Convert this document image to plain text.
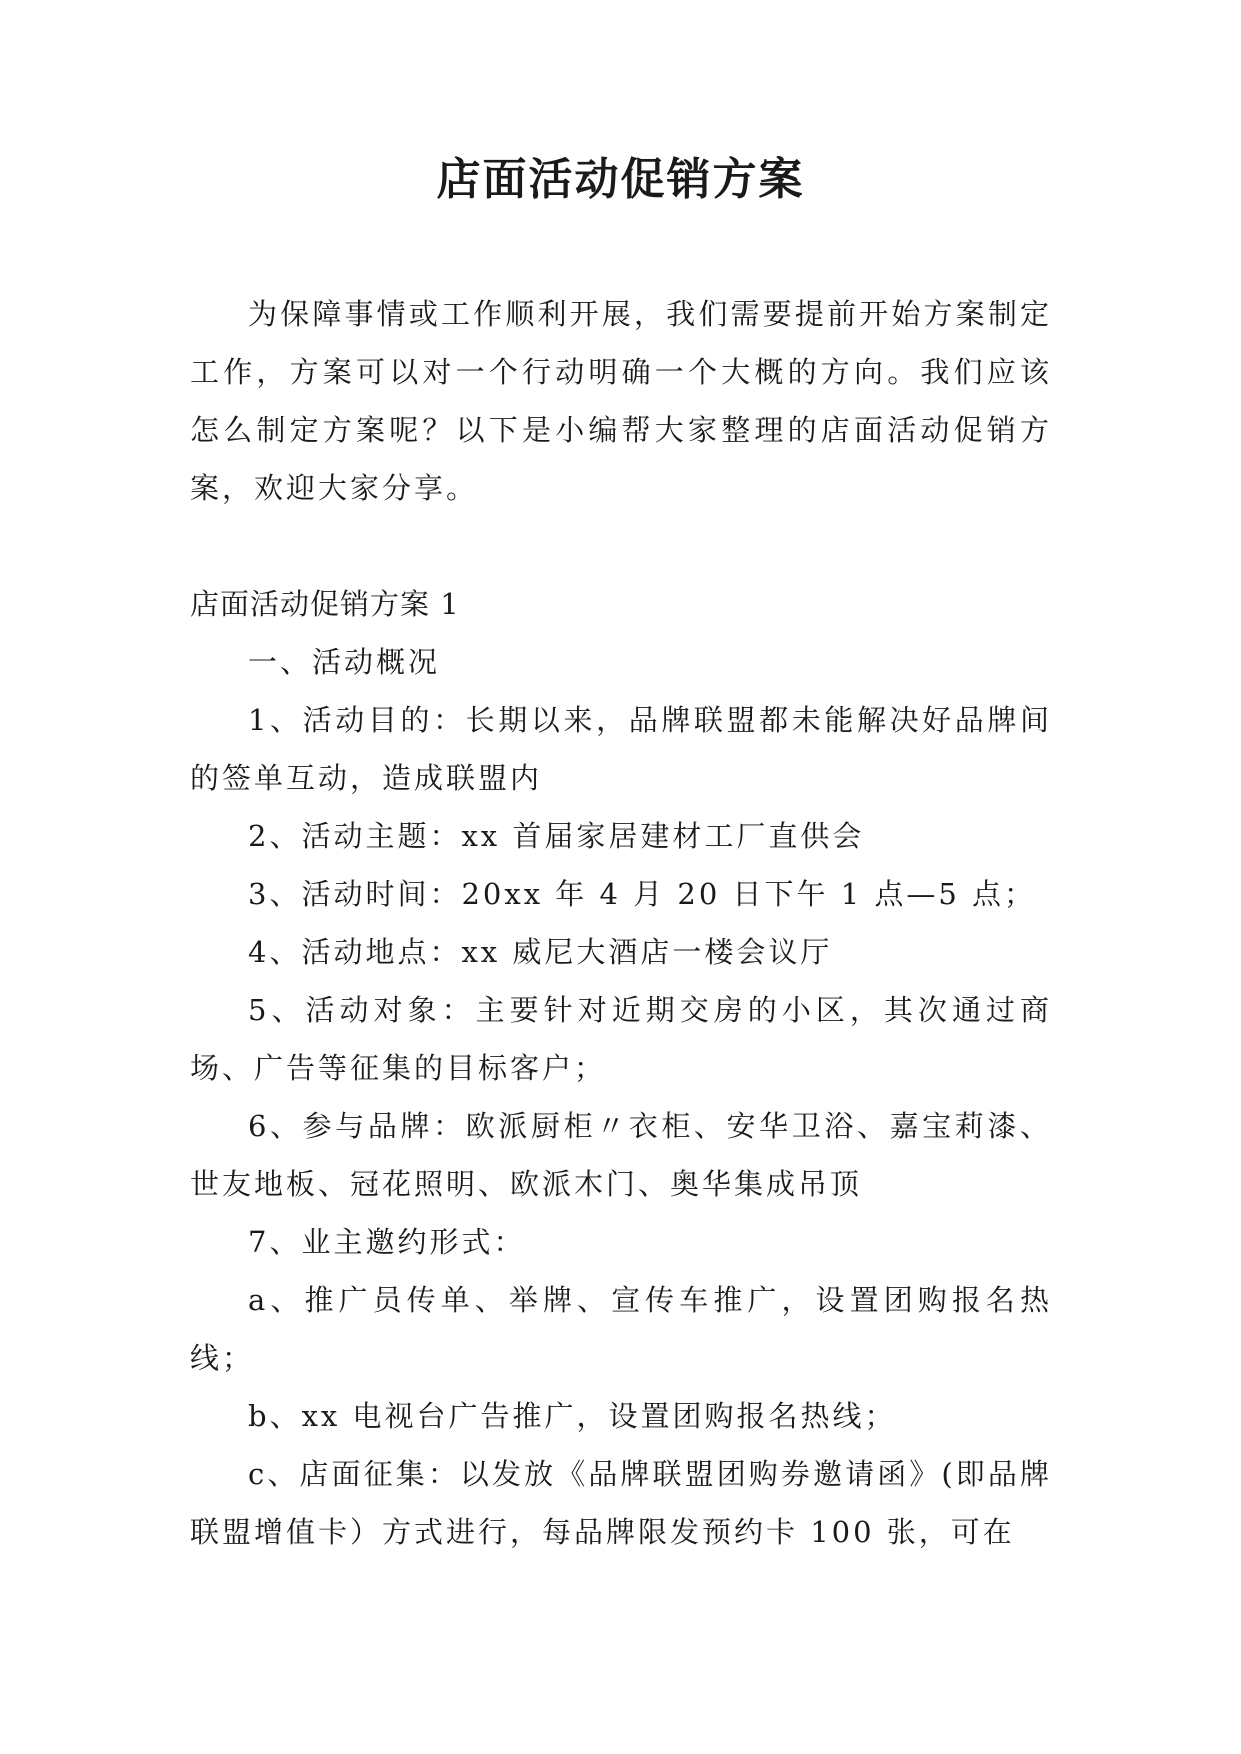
店面活动促销方案

为保障事情或工作顺利开展，我们需要提前开始方案制定工作，方案可以对一个行动明确一个大概的方向。我们应该怎么制定方案呢？以下是小编帮大家整理的店面活动促销方案，欢迎大家分享。

店面活动促销方案 1

一、活动概况

1、活动目的：长期以来，品牌联盟都未能解决好品牌间的签单互动，造成联盟内

2、活动主题：xx 首届家居建材工厂直供会

3、活动时间：20xx 年 4 月 20 日下午 1 点—5 点；

4、活动地点：xx 威尼大酒店一楼会议厅

5、活动对象：主要针对近期交房的小区，其次通过商场、广告等征集的目标客户；

6、参与品牌：欧派厨柜〃衣柜、安华卫浴、嘉宝莉漆、世友地板、冠花照明、欧派木门、奥华集成吊顶

7、业主邀约形式：

a、推广员传单、举牌、宣传车推广，设置团购报名热线；

b、xx 电视台广告推广，设置团购报名热线；

c、店面征集：以发放《品牌联盟团购券邀请函》(即品牌联盟增值卡）方式进行，每品牌限发预约卡 100 张，可在
